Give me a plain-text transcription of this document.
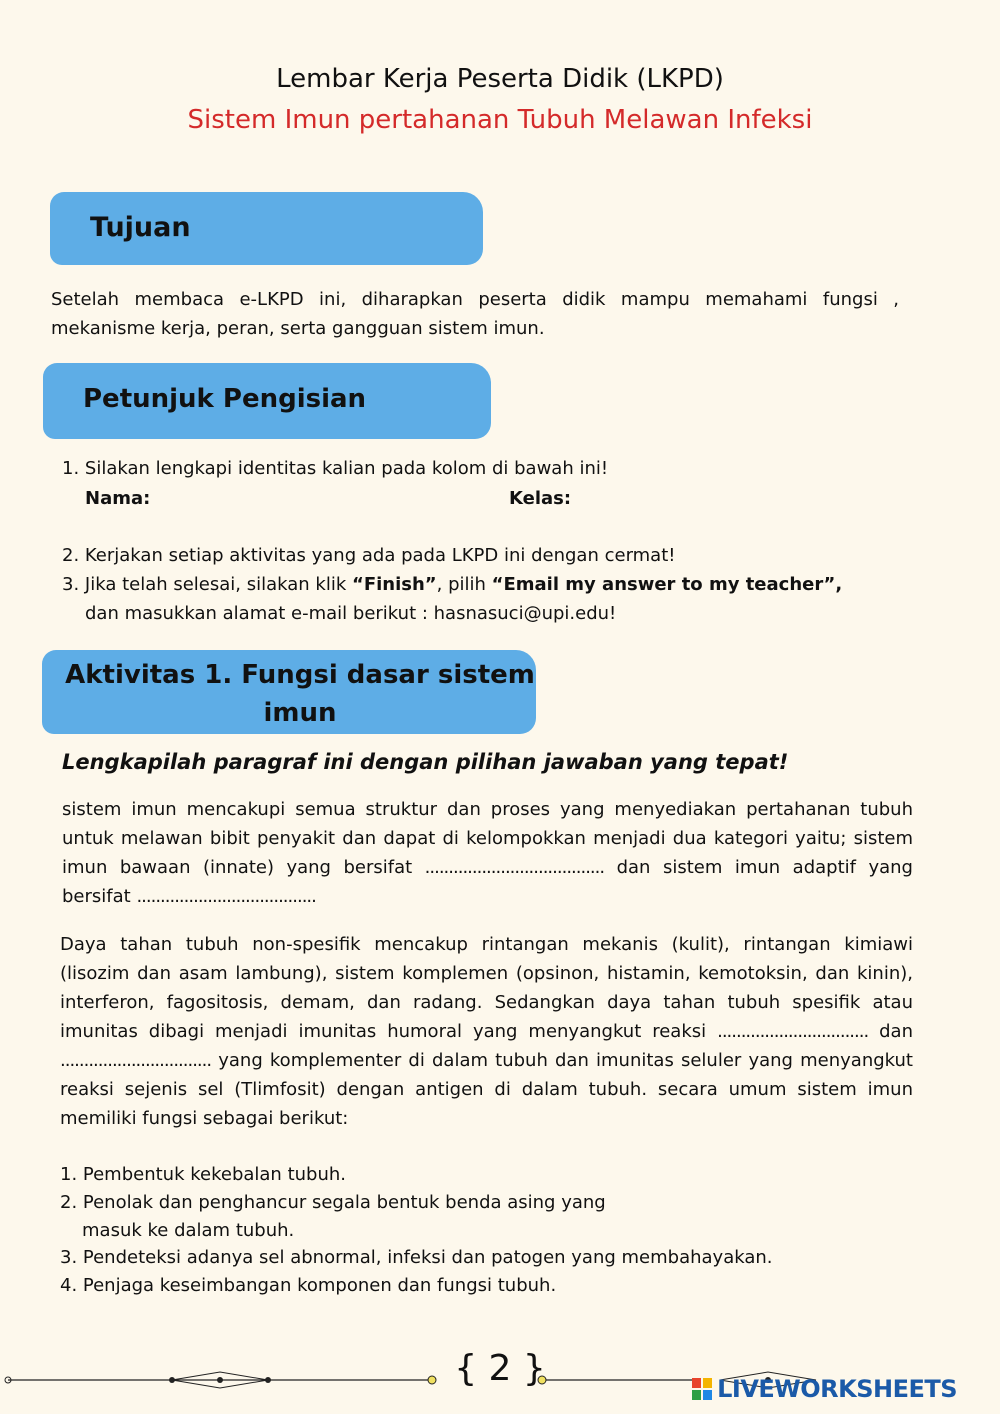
Lembar Kerja Peserta Didik (LKPD)
Sistem Imun pertahanan Tubuh Melawan Infeksi
Tujuan
Setelah membaca e-LKPD ini, diharapkan peserta didik mampu memahami fungsi , mekanisme kerja, peran, serta gangguan sistem imun.
Petunjuk Pengisian
1. Silakan lengkapi identitas kalian pada kolom di bawah ini!
Nama:	Kelas:
2. Kerjakan setiap aktivitas yang ada pada LKPD ini dengan cermat!
3. Jika telah selesai, silakan klik “Finish”, pilih “Email my answer to my teacher”,
dan masukkan alamat e-mail berikut : hasnasuci@upi.edu!
Aktivitas 1. Fungsi dasar sistem
imun
Lengkapilah paragraf ini dengan pilihan jawaban yang tepat!
sistem imun mencakupi semua struktur dan proses yang menyediakan pertahanan tubuh untuk melawan bibit penyakit dan dapat di kelompokkan menjadi dua kategori yaitu; sistem imun bawaan (innate) yang bersifat ...................................... dan sistem imun adaptif yang bersifat ......................................
Daya tahan tubuh non-spesifik mencakup rintangan mekanis (kulit), rintangan kimiawi (lisozim dan asam lambung), sistem komplemen (opsinon, histamin, kemotoksin, dan kinin), interferon, fagositosis, demam, dan radang. Sedangkan daya tahan tubuh spesifik atau imunitas dibagi menjadi imunitas humoral yang menyangkut reaksi ................................ dan ................................ yang komplementer di dalam tubuh dan imunitas seluler yang menyangkut reaksi sejenis sel (Tlimfosit) dengan antigen di dalam tubuh. secara umum sistem imun memiliki fungsi sebagai berikut:
1. Pembentuk kekebalan tubuh.
2. Penolak dan penghancur segala bentuk benda asing yang
masuk ke dalam tubuh.
3. Pendeteksi adanya sel abnormal, infeksi dan patogen yang membahayakan.
4. Penjaga keseimbangan komponen dan fungsi tubuh.
{ 2 }	LIVEWORKSHEETS
